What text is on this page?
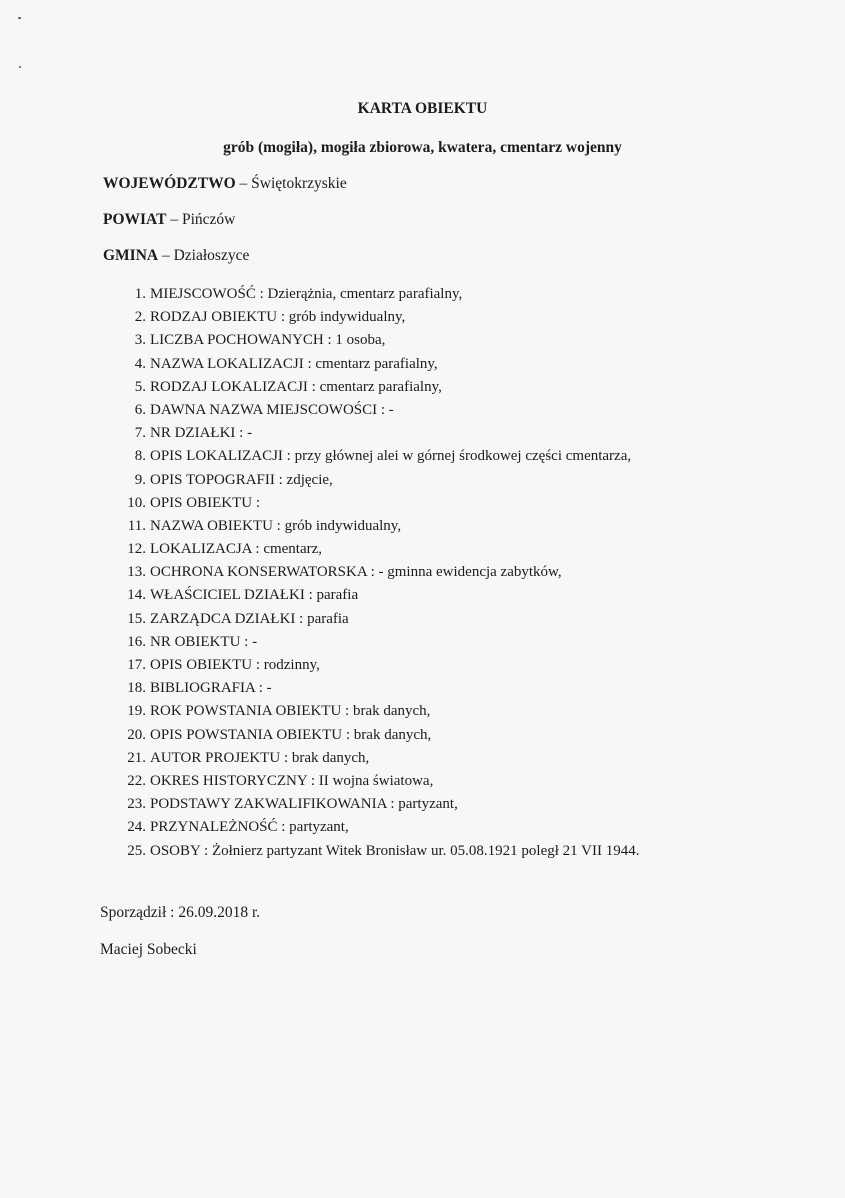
KARTA OBIEKTU
grób (mogiła), mogiła zbiorowa, kwatera, cmentarz wojenny
WOJEWÓDZTWO – Świętokrzyskie
POWIAT – Pińczów
GMINA – Działoszyce
1. MIEJSCOWOŚĆ : Dzierążnia, cmentarz parafialny,
2. RODZAJ OBIEKTU : grób indywidualny,
3. LICZBA POCHOWANYCH : 1 osoba,
4. NAZWA LOKALIZACJI : cmentarz parafialny,
5. RODZAJ LOKALIZACJI : cmentarz parafialny,
6. DAWNA NAZWA MIEJSCOWOŚCI : -
7. NR DZIAŁKI : -
8. OPIS LOKALIZACJI : przy głównej alei w górnej środkowej części cmentarza,
9. OPIS TOPOGRAFII : zdjęcie,
10. OPIS OBIEKTU :
11. NAZWA OBIEKTU : grób indywidualny,
12. LOKALIZACJA : cmentarz,
13. OCHRONA KONSERWATORSKA : - gminna ewidencja zabytków,
14. WŁAŚCICIEL DZIAŁKI : parafia
15. ZARZĄDCA DZIAŁKI : parafia
16. NR OBIEKTU : -
17. OPIS OBIEKTU : rodzinny,
18. BIBLIOGRAFIA : -
19. ROK POWSTANIA OBIEKTU : brak danych,
20. OPIS POWSTANIA OBIEKTU : brak danych,
21. AUTOR PROJEKTU : brak danych,
22. OKRES HISTORYCZNY : II wojna światowa,
23. PODSTAWY ZAKWALIFIKOWANIA : partyzant,
24. PRZYNALEŻNOŚĆ : partyzant,
25. OSOBY : Żołnierz partyzant Witek Bronisław ur. 05.08.1921 poległ 21 VII 1944.
Sporządził : 26.09.2018 r.
Maciej Sobecki
